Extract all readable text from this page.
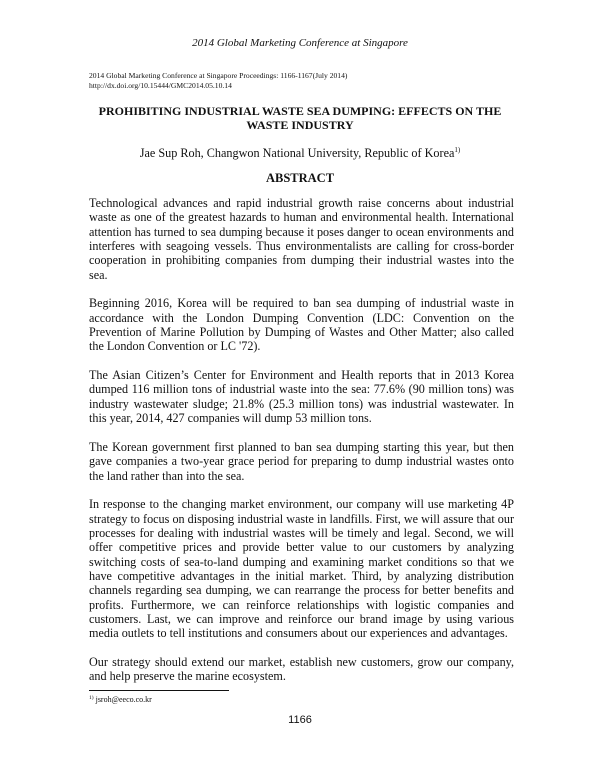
2014 Global Marketing Conference at Singapore
2014 Global Marketing Conference at Singapore Proceedings: 1166-1167(July 2014)
http://dx.doi.org/10.15444/GMC2014.05.10.14
PROHIBITING INDUSTRIAL WASTE SEA DUMPING: EFFECTS ON THE
WASTE INDUSTRY
Jae Sup Roh, Changwon National University, Republic of Korea$^{1)}$
ABSTRACT

Technological advances and rapid industrial growth raise concerns about industrial waste as one of the greatest hazards to human and environmental health. International attention has turned to sea dumping because it poses danger to ocean environments and interferes with seagoing vessels. Thus environmentalists are calling for cross-border cooperation in prohibiting companies from dumping their industrial wastes into the sea.

Beginning 2016, Korea will be required to ban sea dumping of industrial waste in accordance with the London Dumping Convention (LDC: Convention on the Prevention of Marine Pollution by Dumping of Wastes and Other Matter; also called the London Convention or LC '72).

The Asian Citizen’s Center for Environment and Health reports that in 2013 Korea dumped 116 million tons of industrial waste into the sea: 77.6% (90 million tons) was industry wastewater sludge; 21.8% (25.3 million tons) was industrial wastewater. In this year, 2014, 427 companies will dump 53 million tons.

The Korean government first planned to ban sea dumping starting this year, but then gave companies a two-year grace period for preparing to dump industrial wastes onto the land rather than into the sea.

In response to the changing market environment, our company will use marketing 4P strategy to focus on disposing industrial waste in landfills. First, we will assure that our processes for dealing with industrial wastes will be timely and legal. Second, we will offer competitive prices and provide better value to our customers by analyzing switching costs of sea-to-land dumping and examining market conditions so that we have competitive advantages in the initial market. Third, by analyzing distribution channels regarding sea dumping, we can rearrange the process for better benefits and profits. Furthermore, we can reinforce relationships with logistic companies and customers. Last, we can improve and reinforce our brand image by using various media outlets to tell institutions and consumers about our experiences and advantages.

Our strategy should extend our market, establish new customers, grow our company, and help preserve the marine ecosystem.

$^{1)}$ jsroh@eeco.co.kr
1166
